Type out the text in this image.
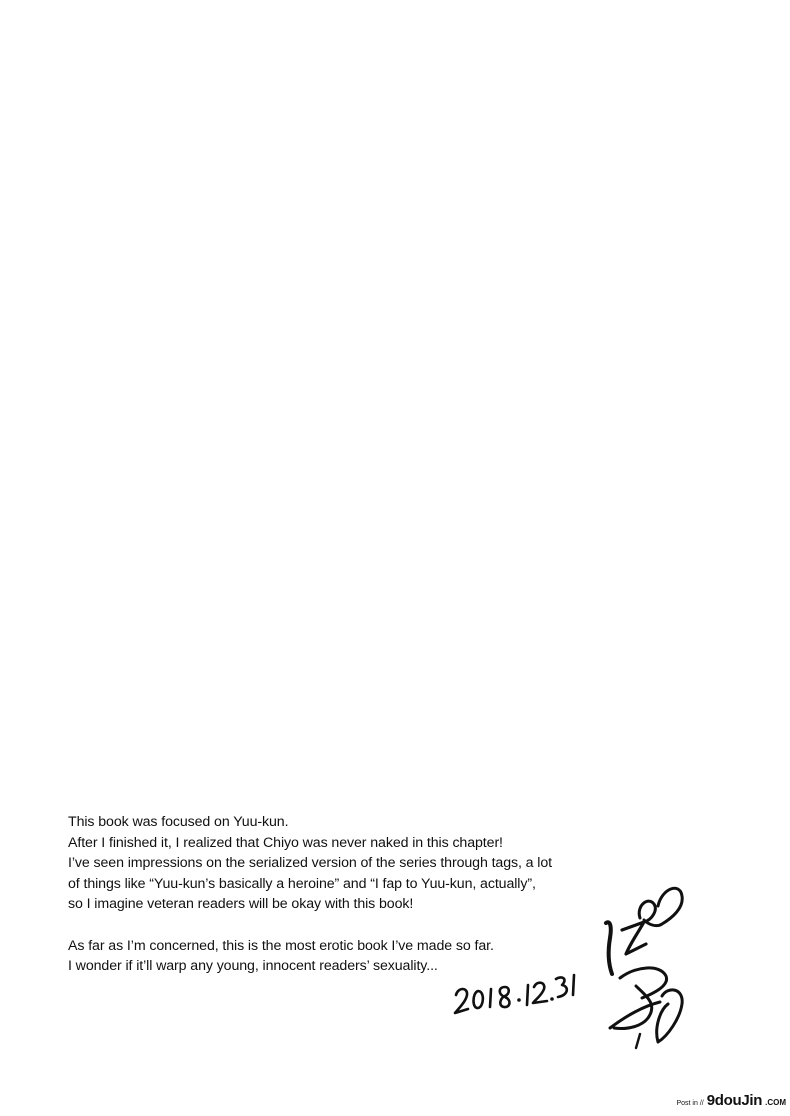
This book was focused on Yuu-kun.

After I finished it, I realized that Chiyo was never naked in this chapter!

I’ve seen impressions on the serialized version of the series through tags, a lot

of things like “Yuu-kun’s basically a heroine” and “I fap to Yuu-kun, actually”,

so I imagine veteran readers will be okay with this book!

As far as I’m concerned, this is the most erotic book I’ve made so far.

I wonder if it’ll warp any young, innocent readers’ sexuality...

Post in // 9douJin .COM
